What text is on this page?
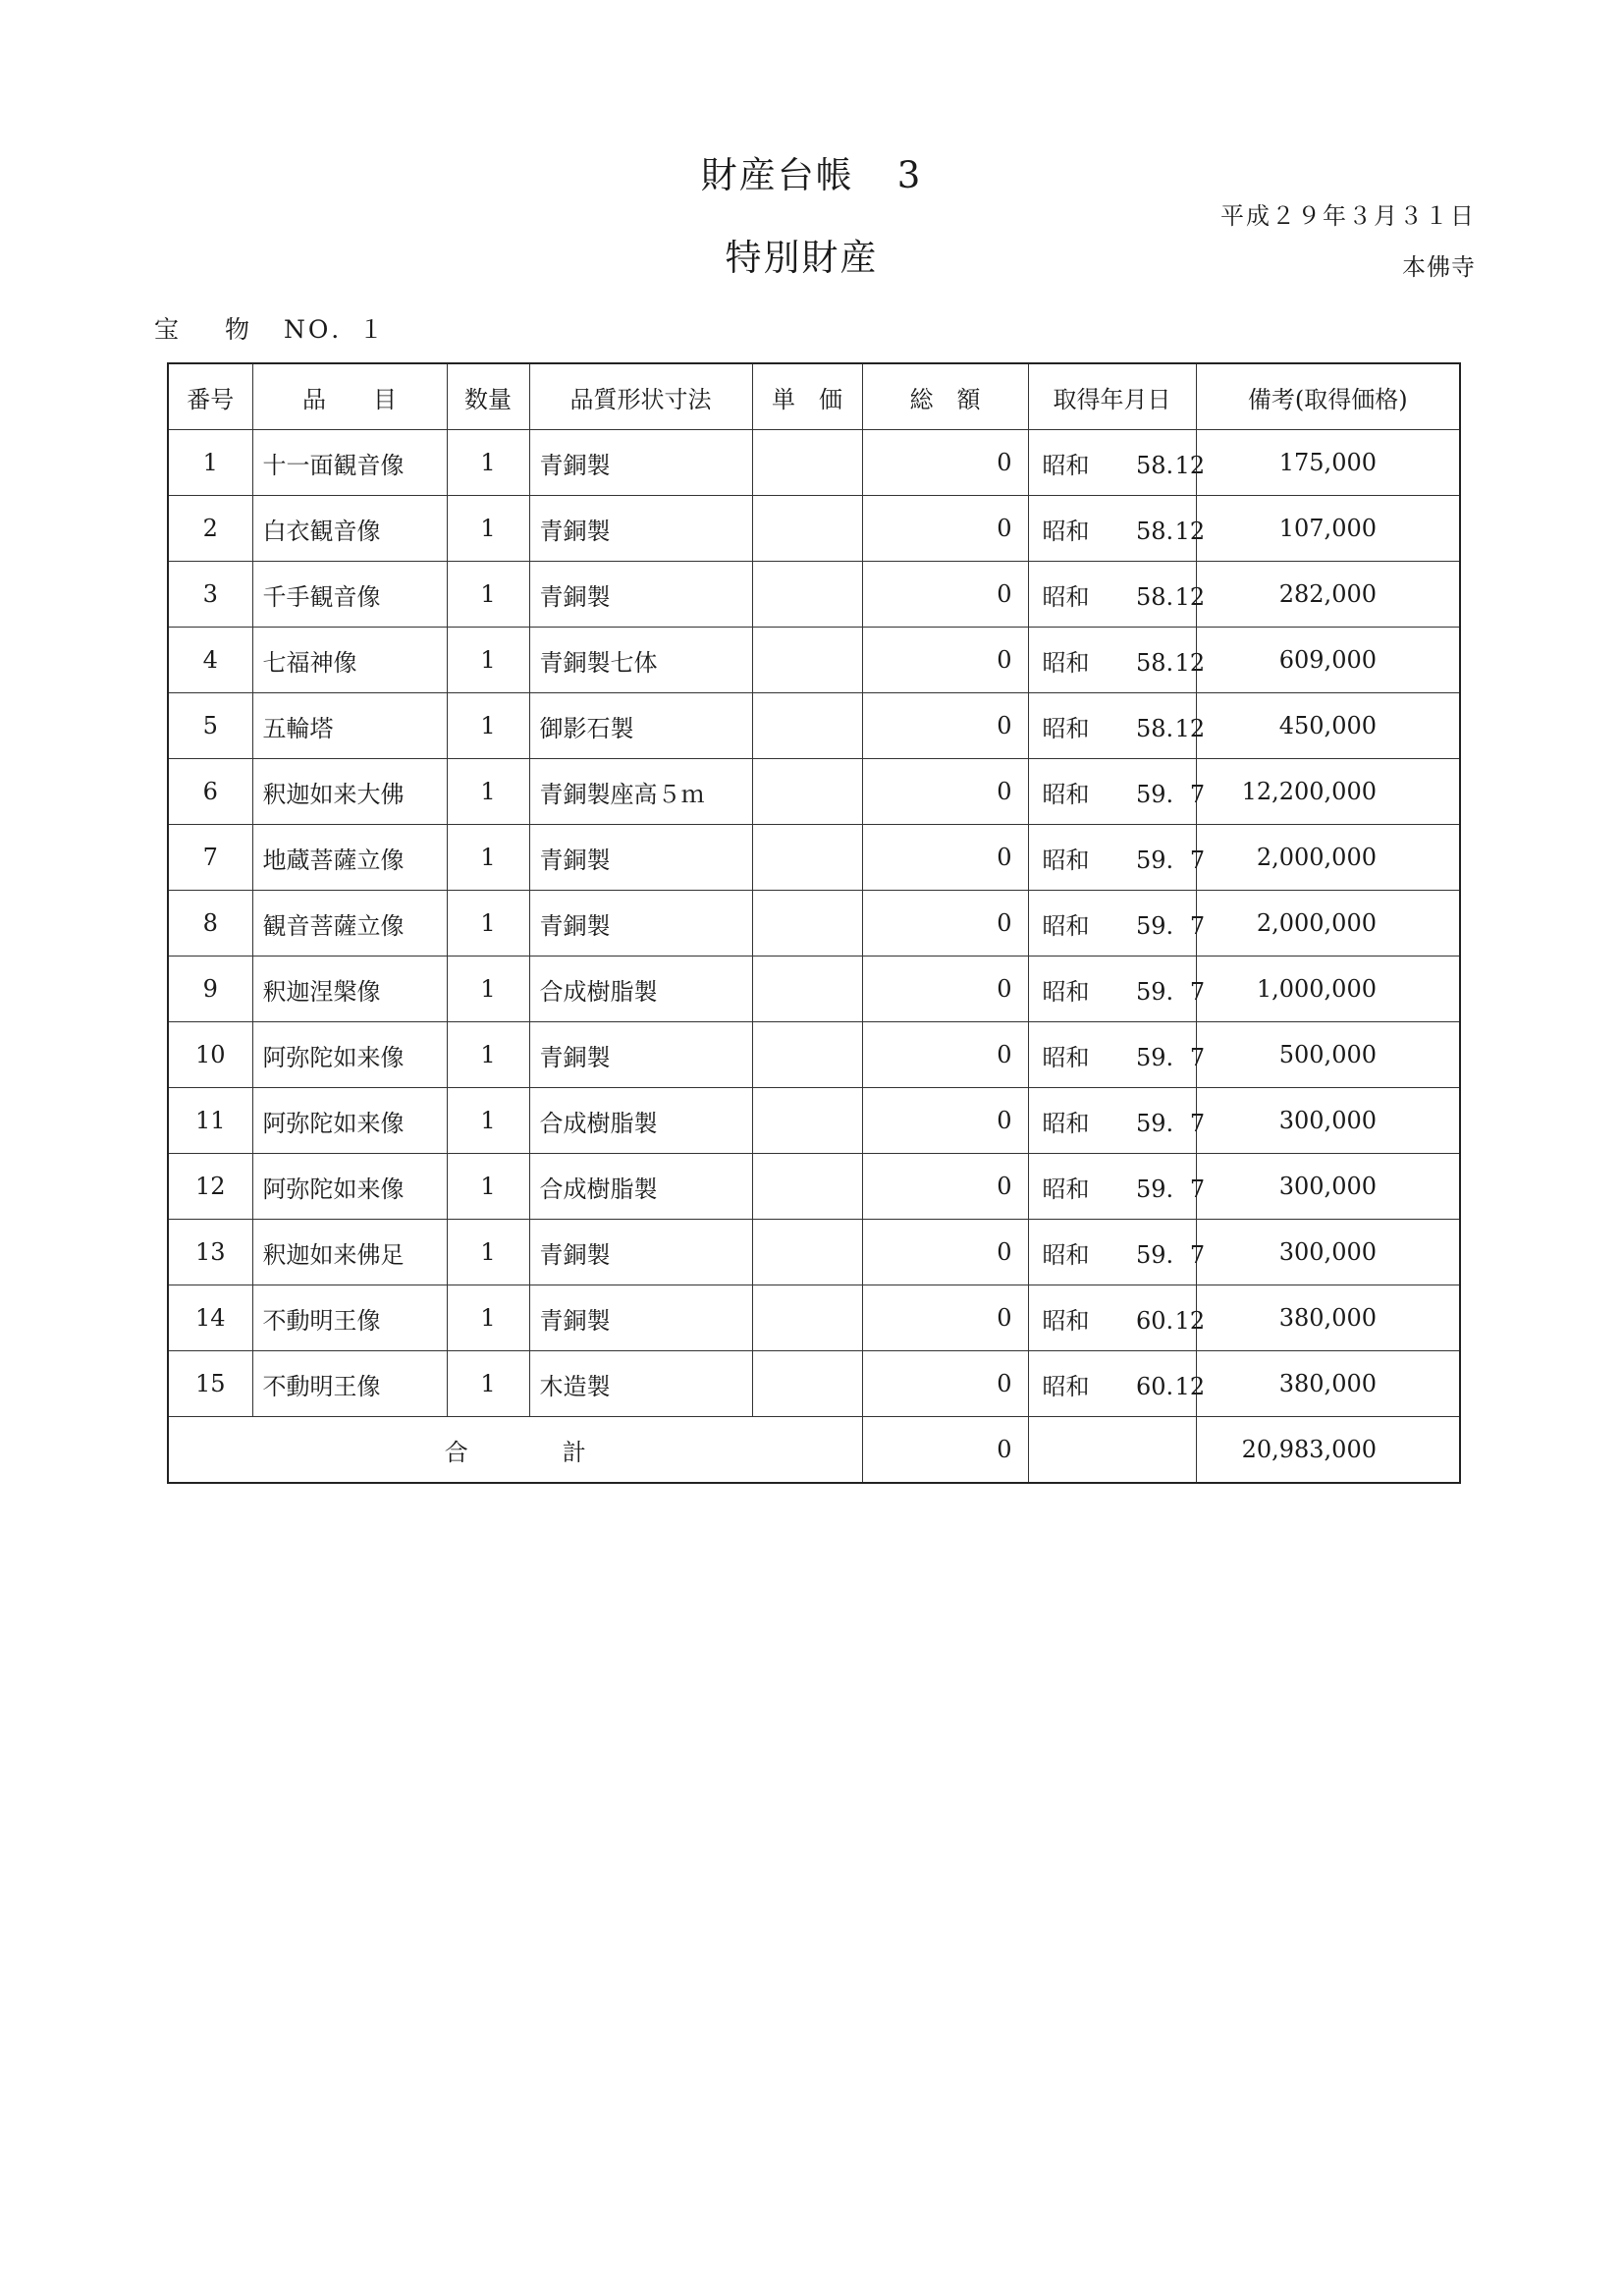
財産台帳 3
平成２９年３月３１日
特別財産	本佛寺
宝 物 NO．１
番号	品　　目	数量	品質形状寸法	単　価	総　額	取得年月日	備考(取得価格)
1	十一面観音像	1	青銅製		0	昭和 58.12	175,000
2	白衣観音像	1	青銅製		0	昭和 58.12	107,000
3	千手観音像	1	青銅製		0	昭和 58.12	282,000
4	七福神像	1	青銅製七体		0	昭和 58.12	609,000
5	五輪塔	1	御影石製		0	昭和 58.12	450,000
6	釈迦如来大佛	1	青銅製座高５ｍ		0	昭和 59. 7	12,200,000
7	地蔵菩薩立像	1	青銅製		0	昭和 59. 7	2,000,000
8	観音菩薩立像	1	青銅製		0	昭和 59. 7	2,000,000
9	釈迦涅槃像	1	合成樹脂製		0	昭和 59. 7	1,000,000
10	阿弥陀如来像	1	青銅製		0	昭和 59. 7	500,000
11	阿弥陀如来像	1	合成樹脂製		0	昭和 59. 7	300,000
12	阿弥陀如来像	1	合成樹脂製		0	昭和 59. 7	300,000
13	釈迦如来佛足	1	青銅製		0	昭和 59. 7	300,000
14	不動明王像	1	青銅製		0	昭和 60.12	380,000
15	不動明王像	1	木造製		0	昭和 60.12	380,000
合 計					0		20,983,000
